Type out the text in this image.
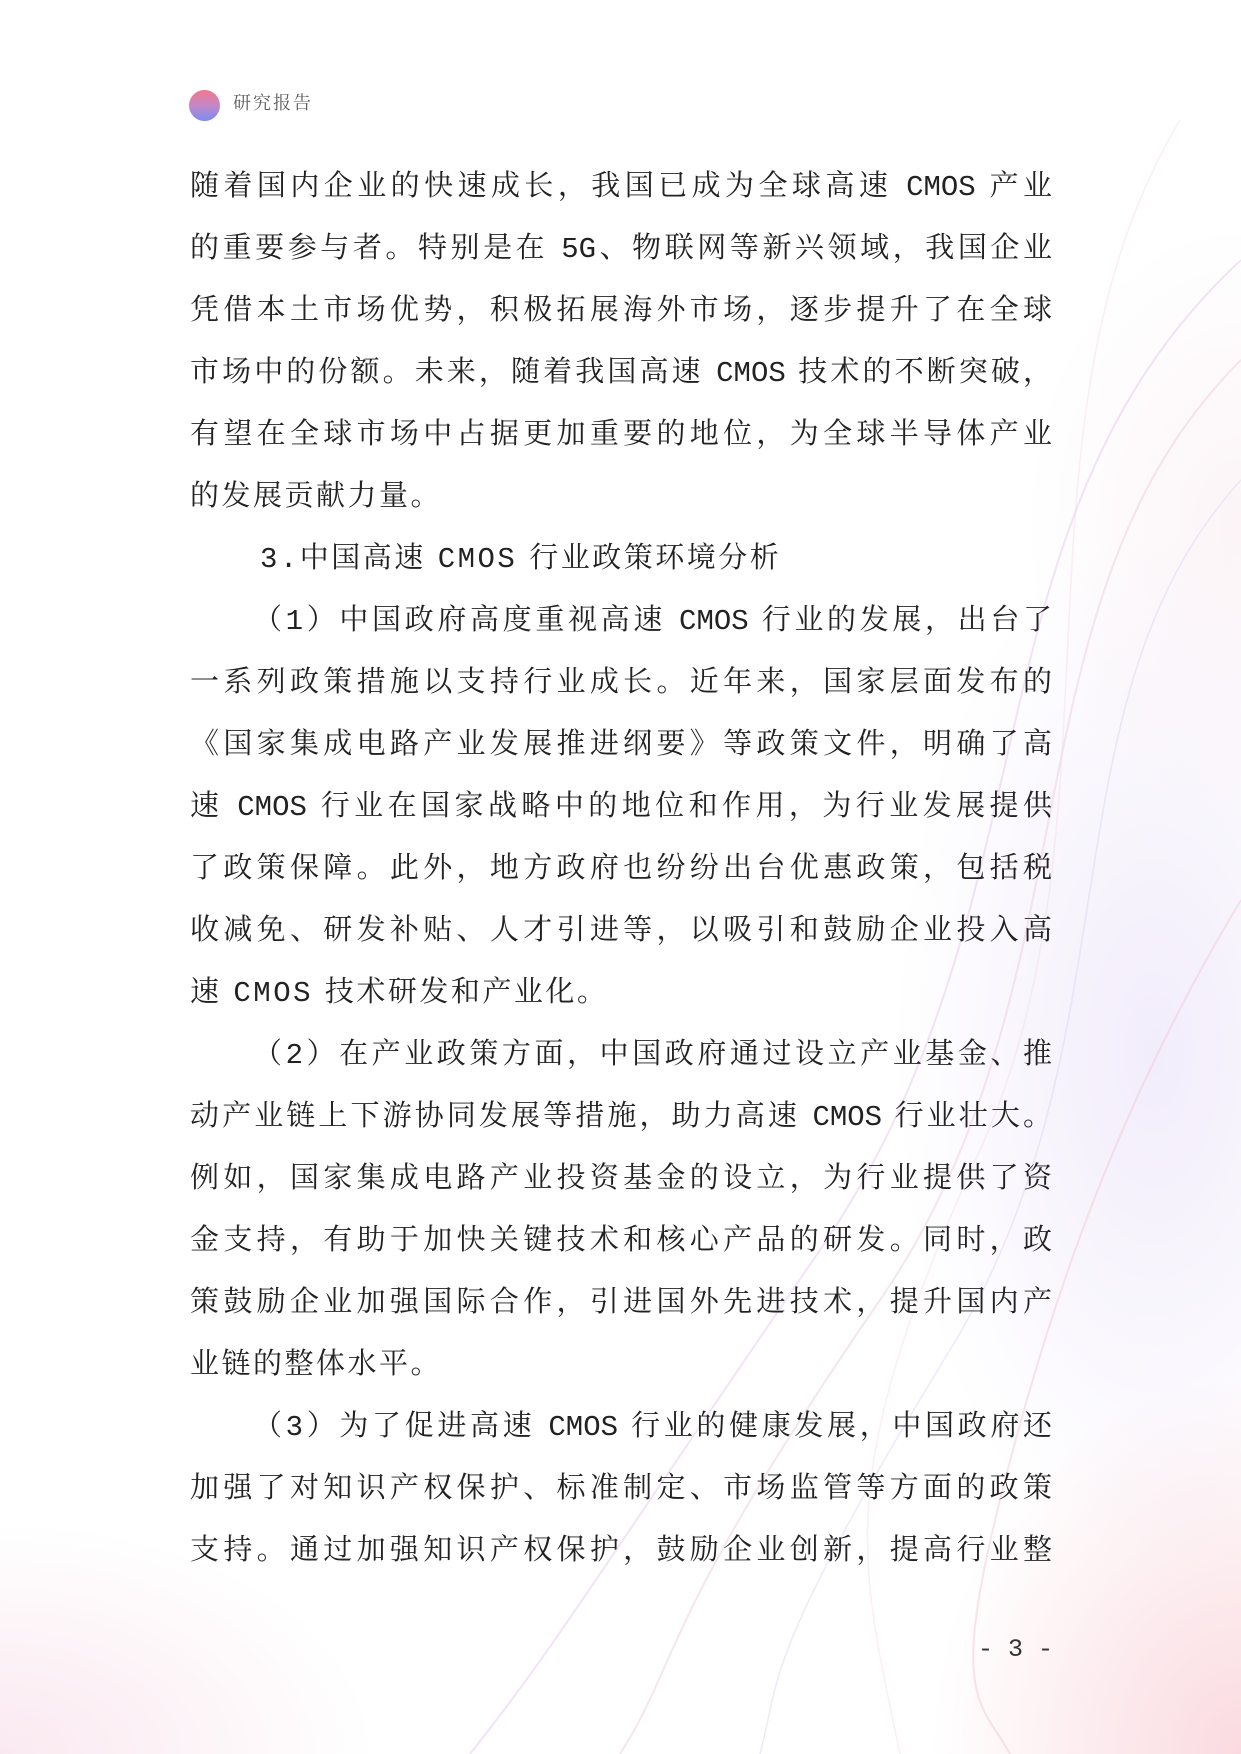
研究报告
随着国内企业的快速成长，我国已成为全球高速 CMOS 产业
的重要参与者。特别是在 5G、物联网等新兴领域，我国企业
凭借本土市场优势，积极拓展海外市场，逐步提升了在全球
市场中的份额。未来，随着我国高速 CMOS 技术的不断突破，
有望在全球市场中占据更加重要的地位，为全球半导体产业
的发展贡献力量。
3.中国高速 CMOS 行业政策环境分析
（1）中国政府高度重视高速 CMOS 行业的发展，出台了
一系列政策措施以支持行业成长。近年来，国家层面发布的
《国家集成电路产业发展推进纲要》等政策文件，明确了高
速 CMOS 行业在国家战略中的地位和作用，为行业发展提供
了政策保障。此外，地方政府也纷纷出台优惠政策，包括税
收减免、研发补贴、人才引进等，以吸引和鼓励企业投入高
速 CMOS 技术研发和产业化。
（2）在产业政策方面，中国政府通过设立产业基金、推
动产业链上下游协同发展等措施，助力高速 CMOS 行业壮大。
例如，国家集成电路产业投资基金的设立，为行业提供了资
金支持，有助于加快关键技术和核心产品的研发。同时，政
策鼓励企业加强国际合作，引进国外先进技术，提升国内产
业链的整体水平。
（3）为了促进高速 CMOS 行业的健康发展，中国政府还
加强了对知识产权保护、标准制定、市场监管等方面的政策
支持。通过加强知识产权保护，鼓励企业创新，提高行业整
- 3 -
